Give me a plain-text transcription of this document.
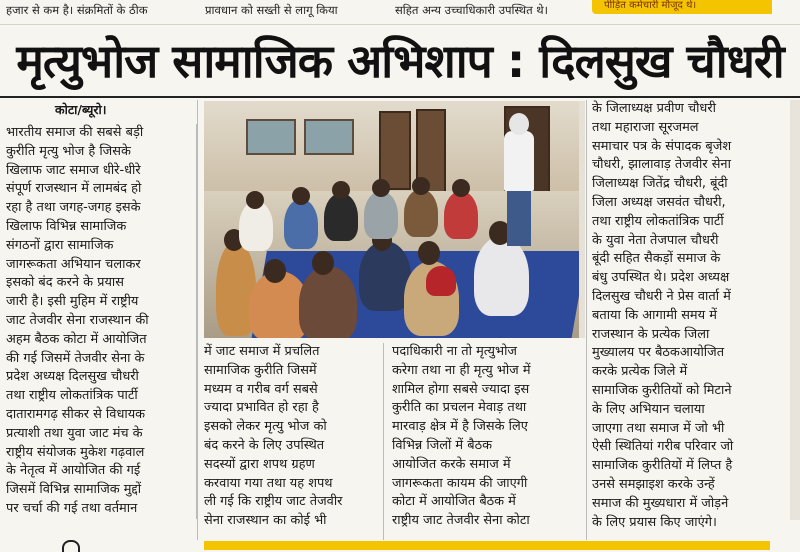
हजार से कम है। संक्रमितों के ठीक	प्रावधान को सख्ती से लागू किया	सहित अन्य उच्चाधिकारी उपस्थित थे।	पीड़ित कर्मचारी मौजूद थे।
मृत्युभोज सामाजिक अभिशाप : दिलसुख चौधरी
कोटा/ब्यूरो।
भारतीय समाज की सबसे बड़ी
कुरीति मृत्यु भोज है जिसके
खिलाफ जाट समाज धीरे-धीरे
संपूर्ण राजस्थान में लामबंद हो
रहा है तथा जगह-जगह इसके
खिलाफ विभिन्न सामाजिक
संगठनों द्वारा सामाजिक
जागरूकता अभियान चलाकर
इसको बंद करने के प्रयास
जारी है। इसी मुहिम में राष्ट्रीय
जाट तेजवीर सेना राजस्थान की
अहम बैठक कोटा में आयोजित
की गई जिसमें तेजवीर सेना के
प्रदेश अध्यक्ष दिलसुख चौधरी
तथा राष्ट्रीय लोकतांत्रिक पार्टी
दातारामगढ़ सीकर से विधायक
प्रत्याशी तथा युवा जाट मंच के
राष्ट्रीय संयोजक मुकेश गढ़वाल
के नेतृत्व में आयोजित की गई
जिसमें विभिन्न सामाजिक मुद्दों
पर चर्चा की गई तथा वर्तमान
में जाट समाज में प्रचलित
सामाजिक कुरीति जिसमें
मध्यम व गरीब वर्ग सबसे
ज्यादा प्रभावित हो रहा है
इसको लेकर मृत्यु भोज को
बंद करने के लिए उपस्थित
सदस्यों द्वारा शपथ ग्रहण
करवाया गया तथा यह शपथ
ली गई कि राष्ट्रीय जाट तेजवीर
सेना राजस्थान का कोई भी
पदाधिकारी ना तो मृत्युभोज
करेगा तथा ना ही मृत्यु भोज में
शामिल होगा सबसे ज्यादा इस
कुरीति का प्रचलन मेवाड़ तथा
मारवाड़ क्षेत्र में है जिसके लिए
विभिन्न जिलों में बैठक
आयोजित करके समाज में
जागरूकता कायम की जाएगी
कोटा में आयोजित बैठक में
राष्ट्रीय जाट तेजवीर सेना कोटा
के जिलाध्यक्ष प्रवीण चौधरी
तथा महाराजा सूरजमल
समाचार पत्र के संपादक बृजेश
चौधरी, झालावाड़ तेजवीर सेना
जिलाध्यक्ष जितेंद्र चौधरी, बूंदी
जिला अध्यक्ष जसवंत चौधरी,
तथा राष्ट्रीय लोकतांत्रिक पार्टी
के युवा नेता तेजपाल चौधरी
बूंदी सहित सैकड़ों समाज के
बंधु उपस्थित थे। प्रदेश अध्यक्ष
दिलसुख चौधरी ने प्रेस वार्ता में
बताया कि आगामी समय में
राजस्थान के प्रत्येक जिला
मुख्यालय पर बैठकआयोजित
करके प्रत्येक जिले में
सामाजिक कुरीतियों को मिटाने
के लिए अभियान चलाया
जाएगा तथा समाज में जो भी
ऐसी स्थितियां गरीब परिवार जो
सामाजिक कुरीतियों में लिप्त है
उनसे समझाइश करके उन्हें
समाज की मुख्यधारा में जोड़ने
के लिए प्रयास किए जाएंगे।
